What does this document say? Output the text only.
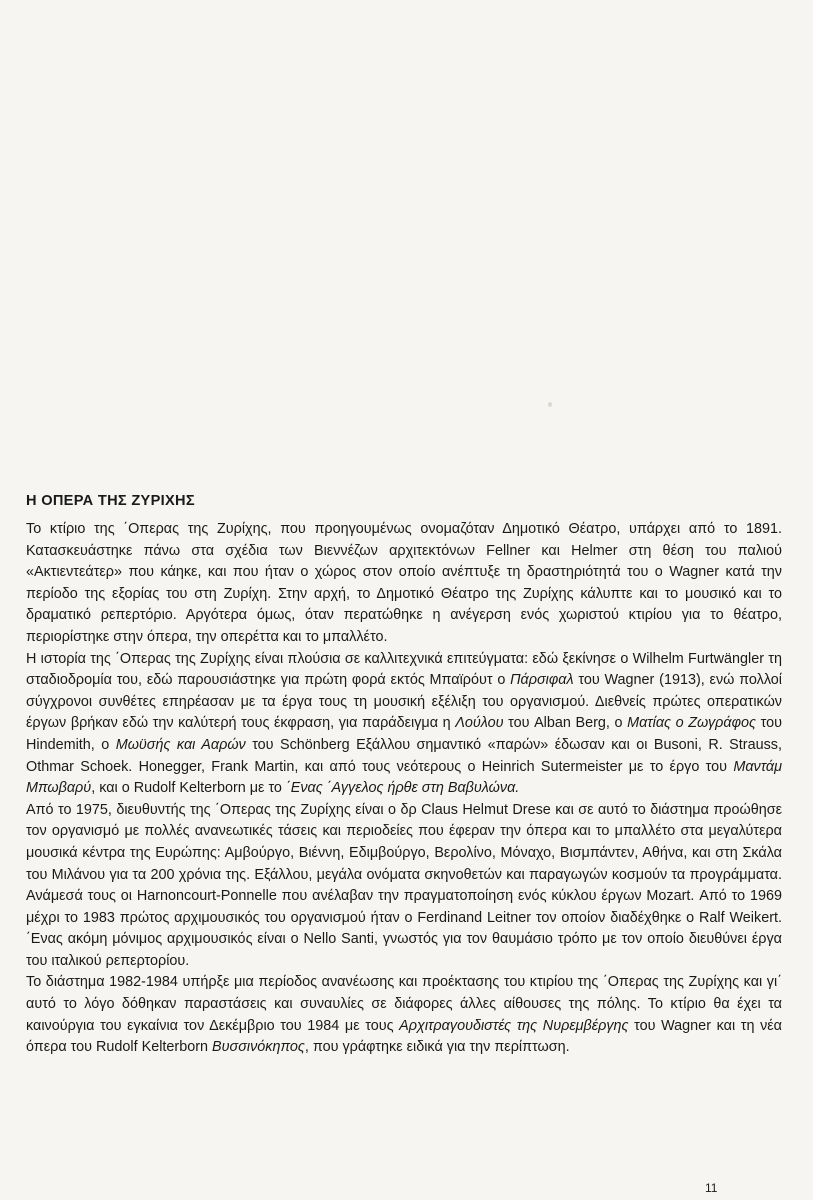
Η ΟΠΕΡΑ ΤΗΣ ΖΥΡΙΧΗΣ

Το κτίριο της ΄Οπερας της Ζυρίχης, που προηγουμένως ονομαζόταν Δημοτικό Θέατρο, υπάρχει από το 1891. Κατασκευάστηκε πάνω στα σχέδια των Βιεννέζων αρχιτεκτόνων Fellner και Helmer στη θέση του παλιού «Ακτιεντεάτερ» που κάηκε, και που ήταν ο χώρος στον οποίο ανέπτυξε τη δραστηριότητά του ο Wagner κατά την περίοδο της εξορίας του στη Ζυρίχη. Στην αρχή, το Δημοτικό Θέατρο της Ζυρίχης κάλυπτε και το μουσικό και το δραματικό ρεπερτόριο. Αργότερα όμως, όταν περατώθηκε η ανέγερση ενός χωριστού κτιρίου για το θέατρο, περιορίστηκε στην όπερα, την οπερέττα και το μπαλλέτο.

Η ιστορία της ΄Οπερας της Ζυρίχης είναι πλούσια σε καλλιτεχνικά επιτεύγματα: εδώ ξεκίνησε ο Wilhelm Furtwängler τη σταδιοδρομία του, εδώ παρουσιάστηκε για πρώτη φορά εκτός Μπαϊρόυτ ο Πάρσιφαλ του Wagner (1913), ενώ πολλοί σύγχρονοι συνθέτες επηρέασαν με τα έργα τους τη μουσική εξέλιξη του οργανισμού. Διεθνείς πρώτες οπερατικών έργων βρήκαν εδώ την καλύτερή τους έκφραση, για παράδειγμα η Λούλου του Alban Berg, ο Ματίας ο Ζωγράφος του Hindemith, ο Μωϋσής και Ααρών του Schönberg Εξάλλου σημαντικό «παρών» έδωσαν και οι Busoni, R. Strauss, Othmar Schoek. Honegger, Frank Martin, και από τους νεότερους ο Heinrich Sutermeister με το έργο του Μαντάμ Μπωβαρύ, και ο Rudolf Kelterborn με το ΄Ενας ΄Αγγελος ήρθε στη Βαβυλώνα.

Από το 1975, διευθυντής της ΄Οπερας της Ζυρίχης είναι ο δρ Claus Helmut Drese και σε αυτό το διάστημα προώθησε τον οργανισμό με πολλές ανανεωτικές τάσεις και περιοδείες που έφεραν την όπερα και το μπαλλέτο στα μεγαλύτερα μουσικά κέντρα της Ευρώπης: Αμβούργο, Βιέννη, Εδιμβούργο, Βερολίνο, Μόναχο, Βισμπάντεν, Αθήνα, και στη Σκάλα του Μιλάνου για τα 200 χρόνια της. Εξάλλου, μεγάλα ονόματα σκηνοθετών και παραγωγών κοσμούν τα προγράμματα. Ανάμεσά τους οι Harnoncourt-Ponnelle που ανέλαβαν την πραγματοποίηση ενός κύκλου έργων Mozart. Από το 1969 μέχρι το 1983 πρώτος αρχιμουσικός του οργανισμού ήταν ο Ferdinand Leitner τον οποίον διαδέχθηκε ο Ralf Weikert. ΄Ενας ακόμη μόνιμος αρχιμουσικός είναι ο Nello Santi, γνωστός για τον θαυμάσιο τρόπο με τον οποίο διευθύνει έργα του ιταλικού ρεπερτορίου.

Το διάστημα 1982-1984 υπήρξε μια περίοδος ανανέωσης και προέκτασης του κτιρίου της ΄Οπερας της Ζυρίχης και γι΄ αυτό το λόγο δόθηκαν παραστάσεις και συναυλίες σε διάφορες άλλες αίθουσες της πόλης. Το κτίριο θα έχει τα καινούργια του εγκαίνια τον Δεκέμβριο του 1984 με τους Αρχιτραγουδιστές της Νυρεμβέργης του Wagner και τη νέα όπερα του Rudolf Kelterborn Βυσσινόκηπος, που γράφτηκε ειδικά για την περίπτωση.

11
